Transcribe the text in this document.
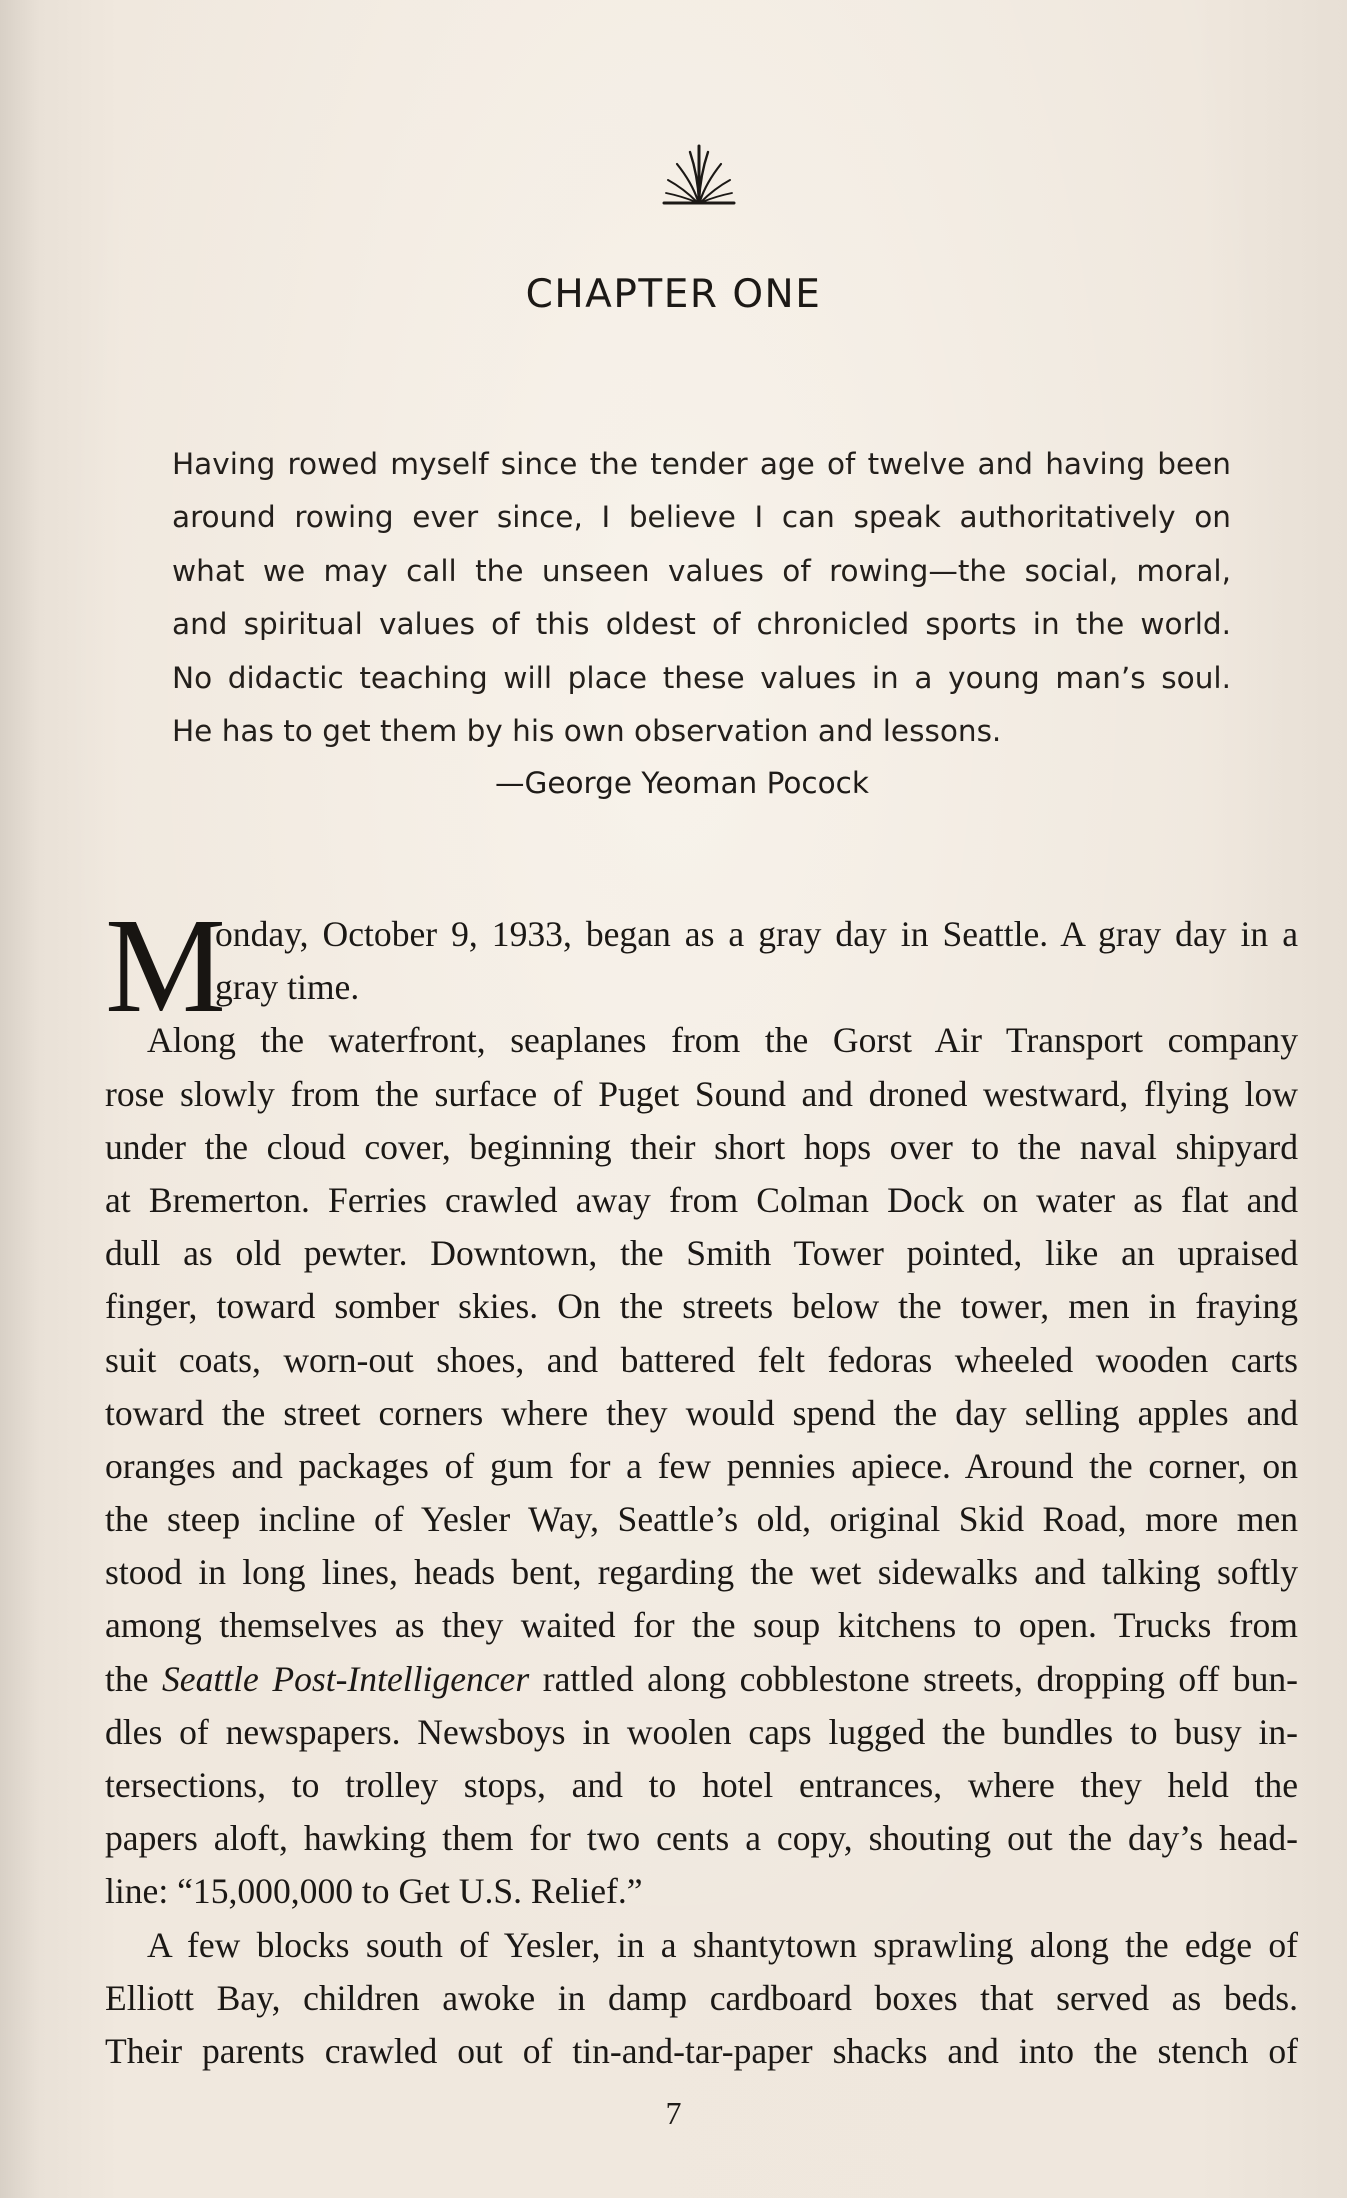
CHAPTER ONE

Having rowed myself since the tender age of twelve and having been
around rowing ever since, I believe I can speak authoritatively on
what we may call the unseen values of rowing—the social, moral,
and spiritual values of this oldest of chronicled sports in the world.
No didactic teaching will place these values in a young man’s soul.
He has to get them by his own observation and lessons.

—George Yeoman Pocock
M
onday, October 9, 1933, began as a gray day in Seattle. A gray day in a
gray time.
Along the waterfront, seaplanes from the Gorst Air Transport company
rose slowly from the surface of Puget Sound and droned westward, flying low
under the cloud cover, beginning their short hops over to the naval shipyard
at Bremerton. Ferries crawled away from Colman Dock on water as flat and
dull as old pewter. Downtown, the Smith Tower pointed, like an upraised
finger, toward somber skies. On the streets below the tower, men in fraying
suit coats, worn-out shoes, and battered felt fedoras wheeled wooden carts
toward the street corners where they would spend the day selling apples and
oranges and packages of gum for a few pennies apiece. Around the corner, on
the steep incline of Yesler Way, Seattle’s old, original Skid Road, more men
stood in long lines, heads bent, regarding the wet sidewalks and talking softly
among themselves as they waited for the soup kitchens to open. Trucks from
the Seattle Post-Intelligencer rattled along cobblestone streets, dropping off bun-
dles of newspapers. Newsboys in woolen caps lugged the bundles to busy in-
tersections, to trolley stops, and to hotel entrances, where they held the
papers aloft, hawking them for two cents a copy, shouting out the day’s head-
line: “15,000,000 to Get U.S. Relief.”
A few blocks south of Yesler, in a shantytown sprawling along the edge of
Elliott Bay, children awoke in damp cardboard boxes that served as beds.
Their parents crawled out of tin-and-tar-paper shacks and into the stench of
7
